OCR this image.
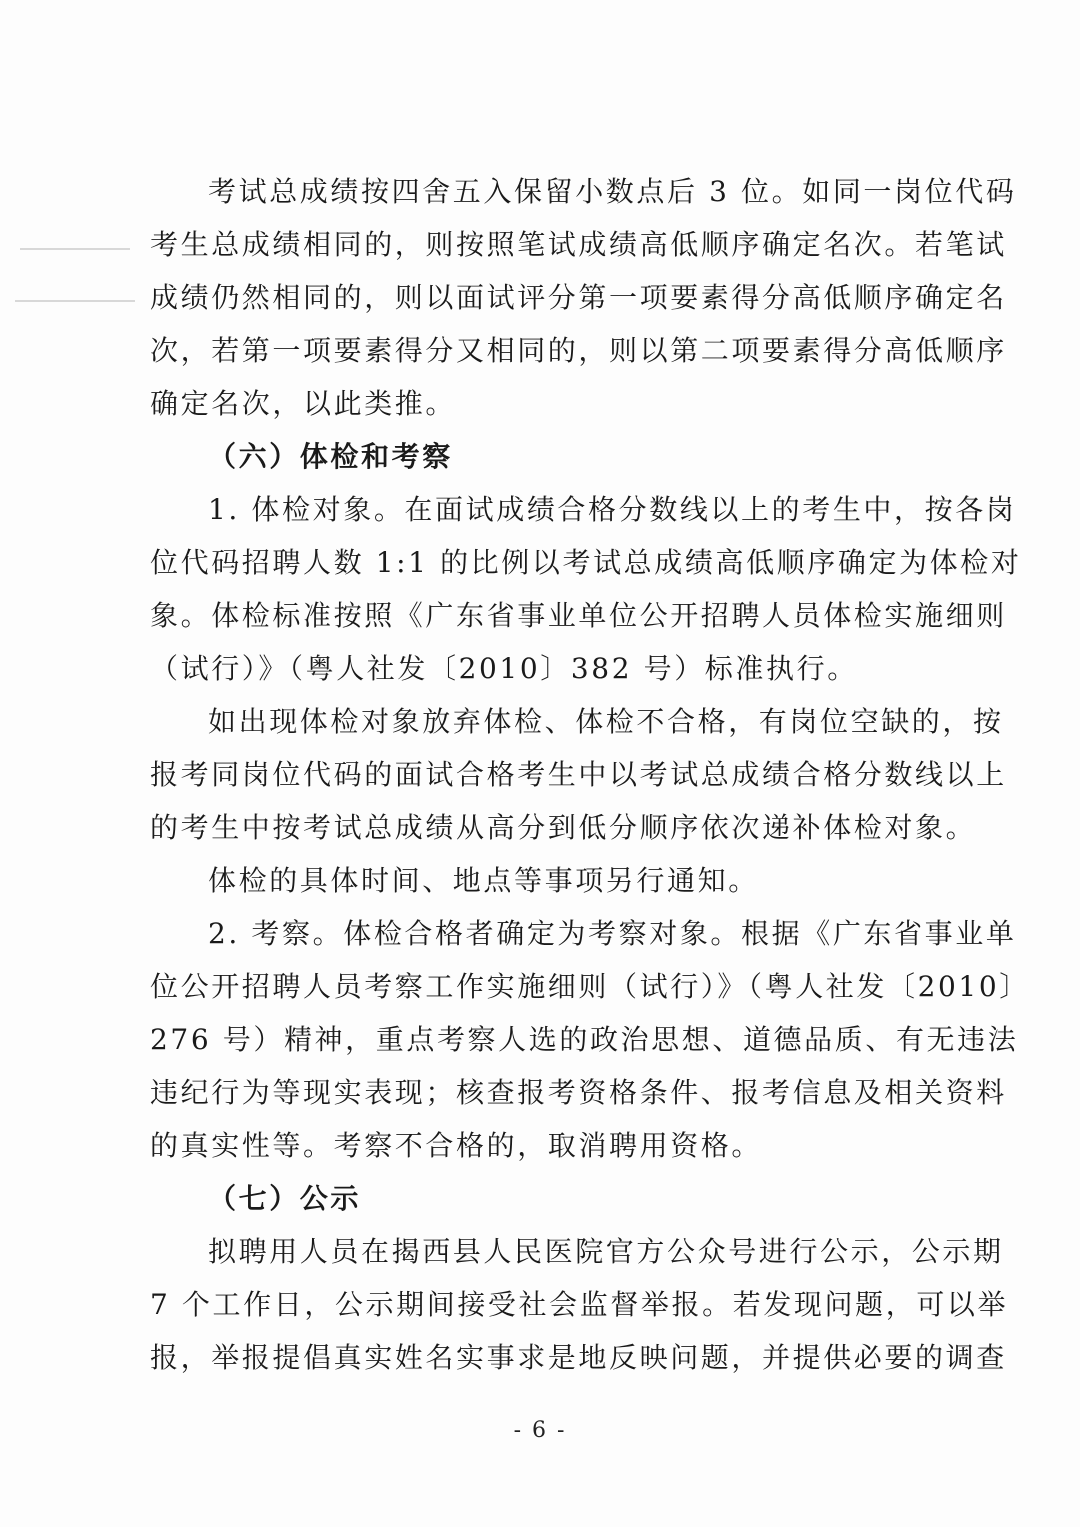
考试总成绩按四舍五入保留小数点后 3 位。如同一岗位代码
考生总成绩相同的，则按照笔试成绩高低顺序确定名次。若笔试
成绩仍然相同的，则以面试评分第一项要素得分高低顺序确定名
次，若第一项要素得分又相同的，则以第二项要素得分高低顺序
确定名次，以此类推。
（六）体检和考察
1. 体检对象。在面试成绩合格分数线以上的考生中，按各岗
位代码招聘人数 1:1 的比例以考试总成绩高低顺序确定为体检对
象。体检标准按照《广东省事业单位公开招聘人员体检实施细则
（试行）》（粤人社发〔2010〕382 号）标准执行。
如出现体检对象放弃体检、体检不合格，有岗位空缺的，按
报考同岗位代码的面试合格考生中以考试总成绩合格分数线以上
的考生中按考试总成绩从高分到低分顺序依次递补体检对象。
体检的具体时间、地点等事项另行通知。
2. 考察。体检合格者确定为考察对象。根据《广东省事业单
位公开招聘人员考察工作实施细则（试行）》（粤人社发〔2010〕
276 号）精神，重点考察人选的政治思想、道德品质、有无违法
违纪行为等现实表现；核查报考资格条件、报考信息及相关资料
的真实性等。考察不合格的，取消聘用资格。
（七）公示
拟聘用人员在揭西县人民医院官方公众号进行公示，公示期
7 个工作日，公示期间接受社会监督举报。若发现问题，可以举
报，举报提倡真实姓名实事求是地反映问题，并提供必要的调查
- 6 -
